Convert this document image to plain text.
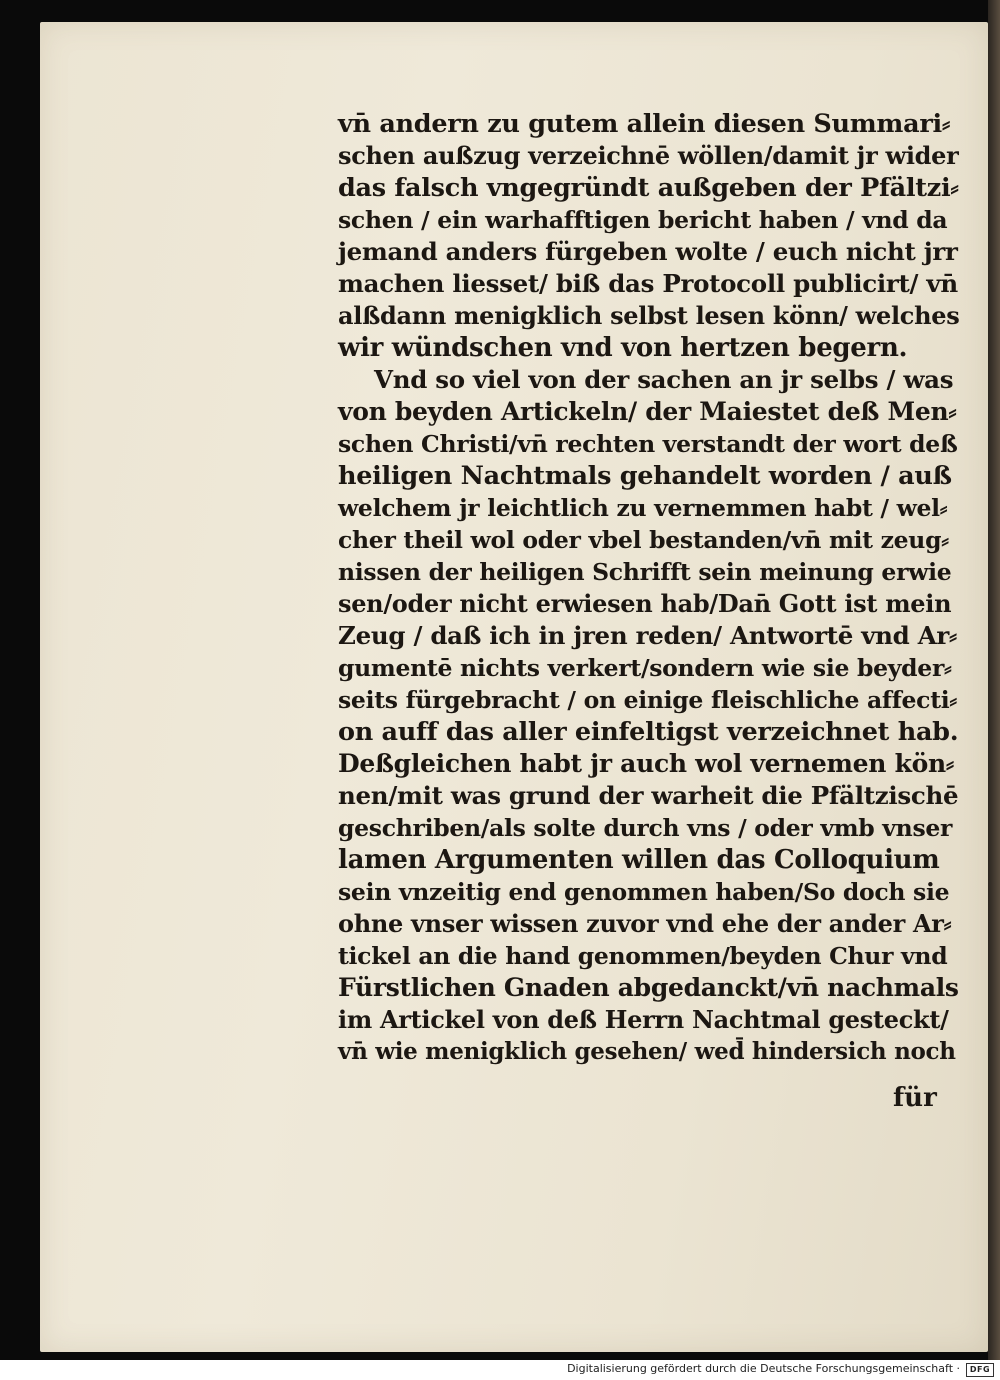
vn̄ andern zu gutem allein diesen Summari⸗
schen außzug verzeichnē wöllen/damit jr wider
das falsch vngegründt außgeben der Pfältzi⸗
schen / ein warhafftigen bericht haben / vnd da
jemand anders fürgeben wolte / euch nicht jrr
machen liesset/ biß das Protocoll publicirt/ vn̄
alßdann menigklich selbst lesen könn/ welches
wir wündschen vnd von hertzen begern.
Vnd so viel von der sachen an jr selbs / was
von beyden Artickeln/ der Maiestet deß Men⸗
schen Christi/vn̄ rechten verstandt der wort deß
heiligen Nachtmals gehandelt worden / auß
welchem jr leichtlich zu vernemmen habt / wel⸗
cher theil wol oder vbel bestanden/vn̄ mit zeug⸗
nissen der heiligen Schrifft sein meinung erwie
sen/oder nicht erwiesen hab/Dan̄ Gott ist mein
Zeug / daß ich in jren reden/ Antwortē vnd Ar⸗
gumentē nichts verkert/sondern wie sie beyder⸗
seits fürgebracht / on einige fleischliche affecti⸗
on auff das aller einfeltigst verzeichnet hab.
Deßgleichen habt jr auch wol vernemen kön⸗
nen/mit was grund der warheit die Pfältzischē
geschriben/als solte durch vns / oder vmb vnser
lamen Argumenten willen das Colloquium
sein vnzeitig end genommen haben/So doch sie
ohne vnser wissen zuvor vnd ehe der ander Ar⸗
tickel an die hand genommen/beyden Chur vnd
Fürstlichen Gnaden abgedanckt/vn̄ nachmals
im Artickel von deß Herrn Nachtmal gesteckt/
vn̄ wie menigklich gesehen/ wed̄ hindersich noch
für
Digitalisierung gefördert durch die Deutsche Forschungsgemeinschaft ·	DFG
